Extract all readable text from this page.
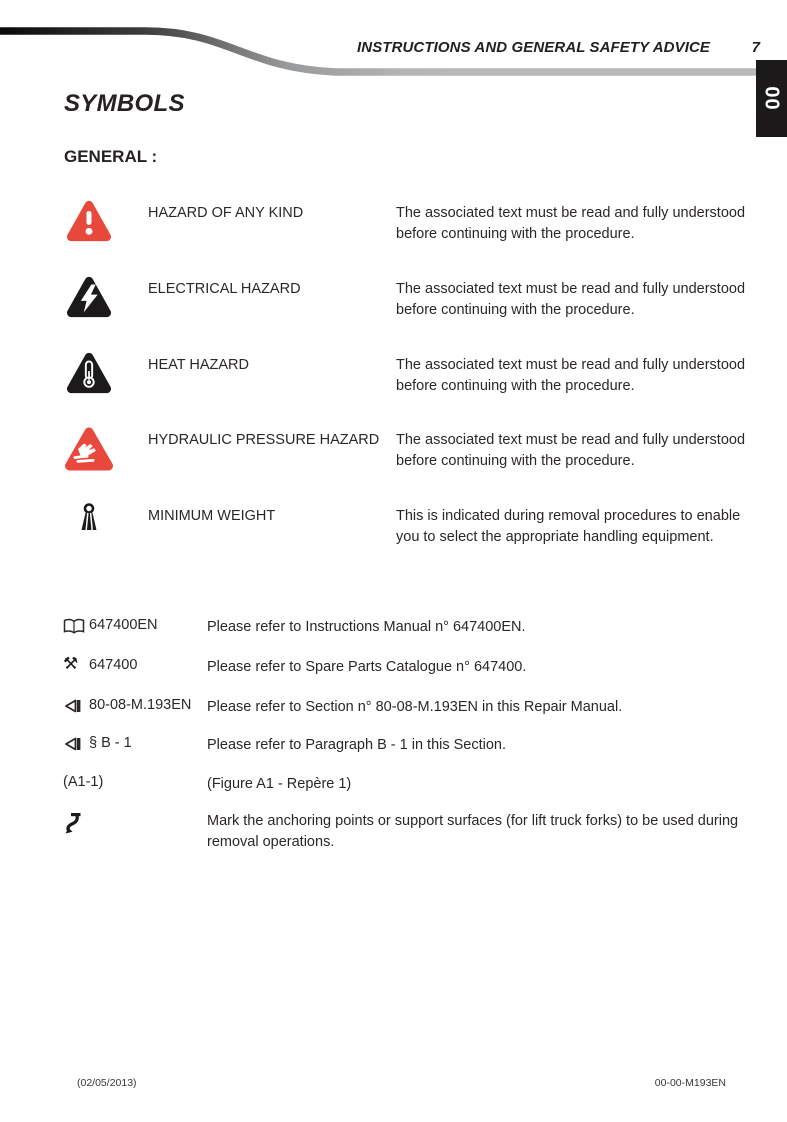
INSTRUCTIONS AND GENERAL SAFETY ADVICE	7
00
SYMBOLS
GENERAL :
HAZARD OF ANY KIND	The associated text must be read and fully understood before continuing with the procedure.
ELECTRICAL HAZARD	The associated text must be read and fully understood before continuing with the procedure.
HEAT HAZARD	The associated text must be read and fully understood before continuing with the procedure.
HYDRAULIC PRESSURE HAZARD The associated text must be read and fully understood before continuing with the procedure.
MINIMUM WEIGHT	This is indicated during removal procedures to enable you to select the appropriate handling equipment.
647400EN	Please refer to Instructions Manual n° 647400EN.
⚒ 647400	Please refer to Spare Parts Catalogue n° 647400.
80-08-M.193EN Please refer to Section n° 80-08-M.193EN in this Repair Manual.
§ B - 1	Please refer to Paragraph B - 1 in this Section.
(A1-1)	(Figure A1 - Repère 1)
Mark the anchoring points or support surfaces (for lift truck forks) to be used during removal operations.
(02/05/2013)	00-00-M193EN
